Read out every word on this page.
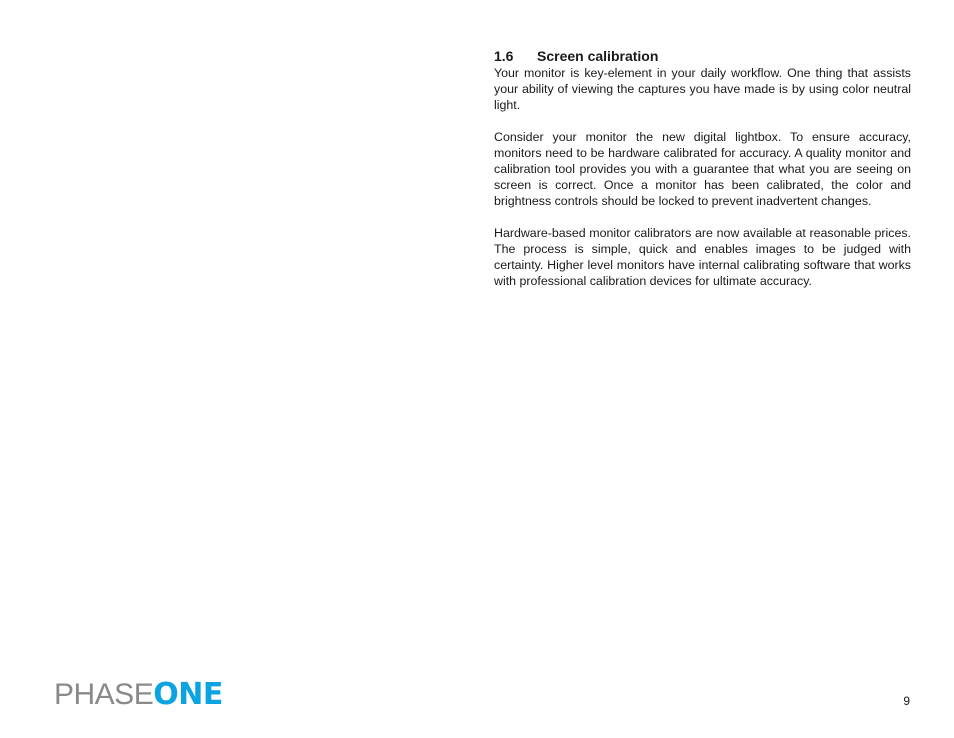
1.6 Screen calibration

Your monitor is key-element in your daily workflow. One thing that assists your ability of viewing the captures you have made is by using color neutral light.

Consider your monitor the new digital lightbox. To ensure accuracy, monitors need to be hardware calibrated for accuracy. A quality monitor and calibration tool provides you with a guarantee that what you are seeing on screen is correct. Once a monitor has been calibrated, the color and brightness controls should be locked to prevent inadvertent changes.

Hardware-based monitor calibrators are now available at reasonable prices. The process is simple, quick and enables images to be judged with certainty. Higher level monitors have internal calibrating software that works with professional calibration devices for ultimate accuracy.

PHASEONE	9
